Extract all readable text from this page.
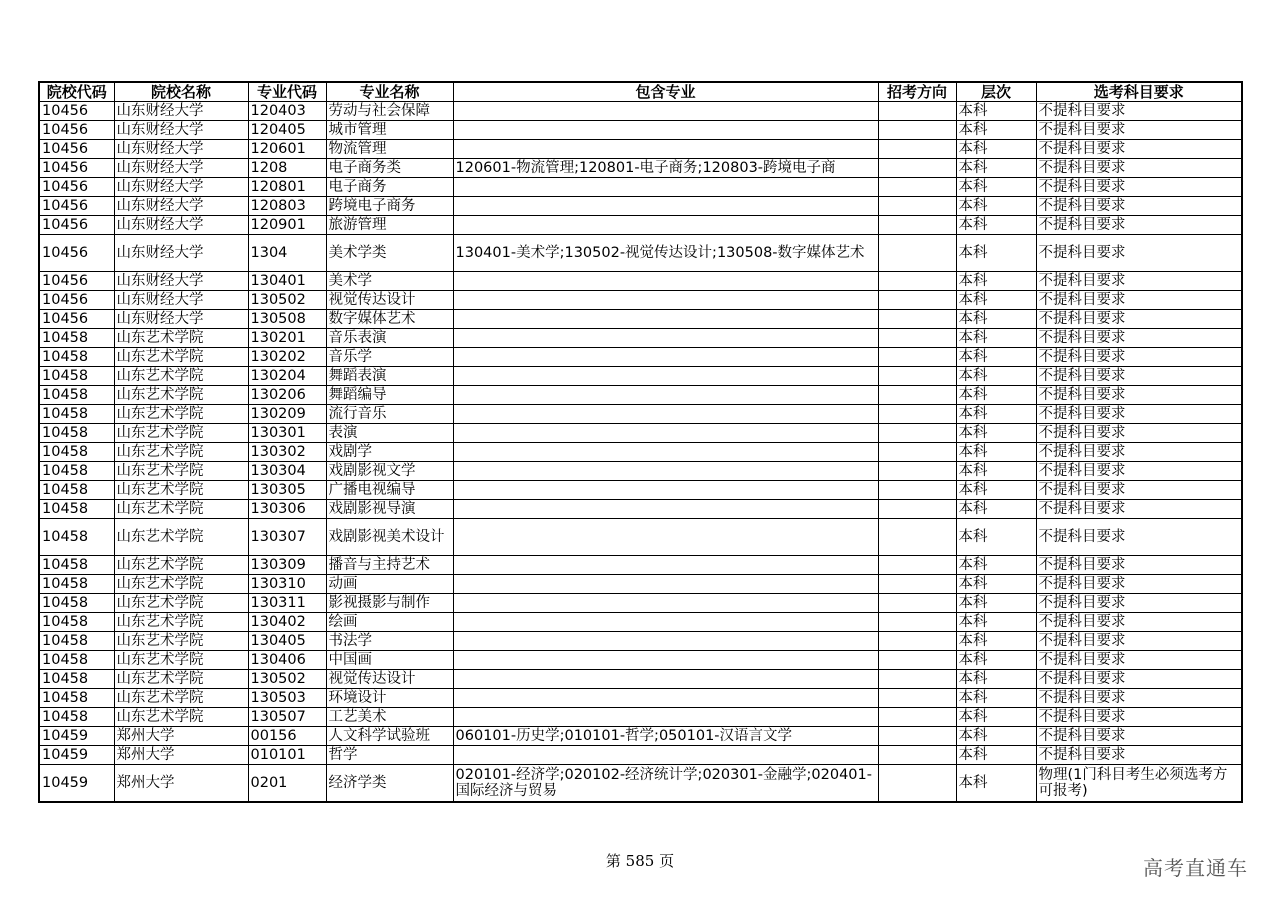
院校代码	院校名称	专业代码	专业名称	包含专业	招考方向	层次	选考科目要求
10456	山东财经大学	120403	劳动与社会保障			本科	不提科目要求
10456	山东财经大学	120405	城市管理			本科	不提科目要求
10456	山东财经大学	120601	物流管理			本科	不提科目要求
10456	山东财经大学	1208	电子商务类	120601-物流管理;120801-电子商务;120803-跨境电子商		本科	不提科目要求
10456	山东财经大学	120801	电子商务			本科	不提科目要求
10456	山东财经大学	120803	跨境电子商务			本科	不提科目要求
10456	山东财经大学	120901	旅游管理			本科	不提科目要求
10456	山东财经大学	1304	美术学类	130401-美术学;130502-视觉传达设计;130508-数字媒体艺术		本科	不提科目要求
10456	山东财经大学	130401	美术学			本科	不提科目要求
10456	山东财经大学	130502	视觉传达设计			本科	不提科目要求
10456	山东财经大学	130508	数字媒体艺术			本科	不提科目要求
10458	山东艺术学院	130201	音乐表演			本科	不提科目要求
10458	山东艺术学院	130202	音乐学			本科	不提科目要求
10458	山东艺术学院	130204	舞蹈表演			本科	不提科目要求
10458	山东艺术学院	130206	舞蹈编导			本科	不提科目要求
10458	山东艺术学院	130209	流行音乐			本科	不提科目要求
10458	山东艺术学院	130301	表演			本科	不提科目要求
10458	山东艺术学院	130302	戏剧学			本科	不提科目要求
10458	山东艺术学院	130304	戏剧影视文学			本科	不提科目要求
10458	山东艺术学院	130305	广播电视编导			本科	不提科目要求
10458	山东艺术学院	130306	戏剧影视导演			本科	不提科目要求
10458	山东艺术学院	130307	戏剧影视美术设计			本科	不提科目要求
10458	山东艺术学院	130309	播音与主持艺术			本科	不提科目要求
10458	山东艺术学院	130310	动画			本科	不提科目要求
10458	山东艺术学院	130311	影视摄影与制作			本科	不提科目要求
10458	山东艺术学院	130402	绘画			本科	不提科目要求
10458	山东艺术学院	130405	书法学			本科	不提科目要求
10458	山东艺术学院	130406	中国画			本科	不提科目要求
10458	山东艺术学院	130502	视觉传达设计			本科	不提科目要求
10458	山东艺术学院	130503	环境设计			本科	不提科目要求
10458	山东艺术学院	130507	工艺美术			本科	不提科目要求
10459	郑州大学	00156	人文科学试验班	060101-历史学;010101-哲学;050101-汉语言文学		本科	不提科目要求
10459	郑州大学	010101	哲学			本科	不提科目要求
10459	郑州大学	0201	经济学类	020101-经济学;020102-经济统计学;020301-金融学;020401-国际经济与贸易		本科	物理(1门科目考生必须选考方可报考)
第 585 页	高考直通车
